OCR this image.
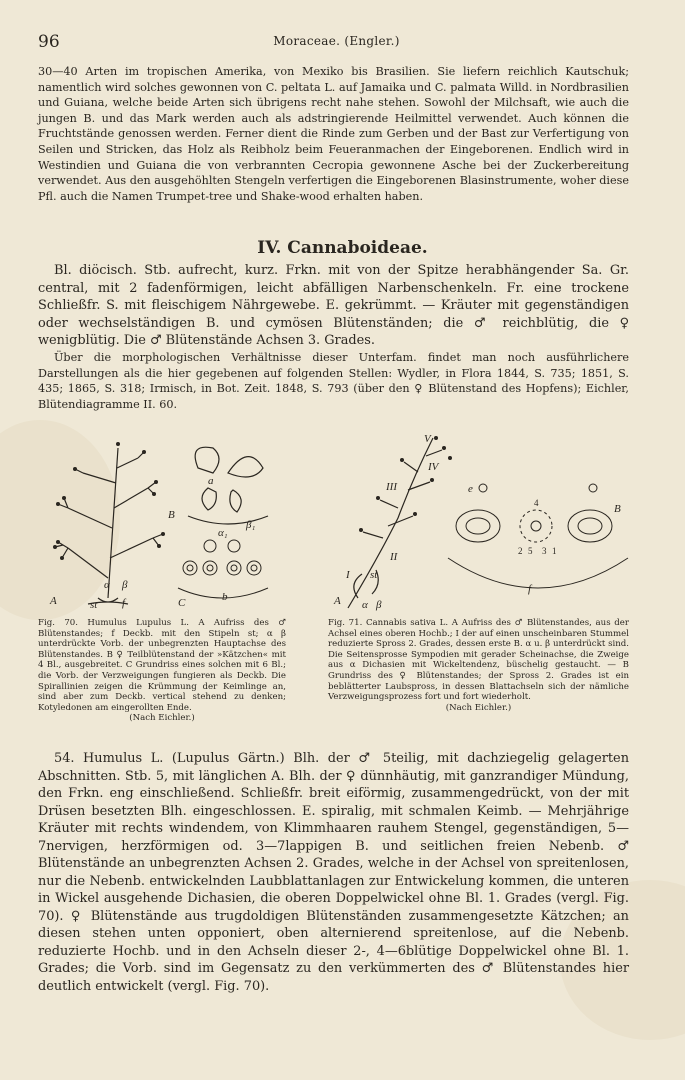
96	Moraceae. (Engler.)

30—40 Arten im tropischen Amerika, von Mexiko bis Brasilien. Sie liefern reichlich Kautschuk; namentlich wird solches gewonnen von C. peltata L. auf Jamaika und C. palmata Willd. in Nordbrasilien und Guiana, welche beide Arten sich übrigens recht nahe stehen. Sowohl der Milchsaft, wie auch die jungen B. und das Mark werden auch als adstringierende Heilmittel verwendet. Auch können die Fruchtstände genossen werden. Ferner dient die Rinde zum Gerben und der Bast zur Verfertigung von Seilen und Stricken, das Holz als Reibholz beim Feueranmachen der Eingeborenen. Endlich wird in Westindien und Guiana die von verbrannten Cecropia gewonnene Asche bei der Zuckerbereitung verwendet. Aus den ausgehöhlten Stengeln verfertigen die Eingeborenen Blasinstrumente, woher diese Pfl. auch die Namen Trumpet-tree und Shake-wood erhalten haben.

IV. Cannaboideae.

Bl. diöcisch. Stb. aufrecht, kurz. Frkn. mit von der Spitze herabhängender Sa. Gr. central, mit 2 fadenförmigen, leicht abfälligen Narbenschenkeln. Fr. eine trockene Schließfr. S. mit fleischigem Nährgewebe. E. gekrümmt. — Kräuter mit gegenständigen oder wechselständigen B. und cymösen Blütenständen; die ♂ reichblütig, die ♀ wenigblütig. Die ♂ Blütenstände Achsen 3. Grades.

Über die morphologischen Verhältnisse dieser Unterfam. findet man noch ausführlichere Darstellungen als die hier gegebenen auf folgenden Stellen: Wydler, in Flora 1844, S. 735; 1851, S. 435; 1865, S. 318; Irmisch, in Bot. Zeit. 1848, S. 793 (über den ♀ Blütenstand des Hopfens); Eichler, Blütendiagramme II. 60.

A	st
α β
f
B
a
β₁
α₁
C	b
Fig. 70. Humulus Lupulus L. A Aufriss des ♂ Blütenstandes; f Deckb. mit den Stipeln st; α β unterdrückte Vorb. der unbegrenzten Hauptachse des Blütenstandes. B ♀ Teilblütenstand der »Kätzchen« mit 4 Bl., ausgebreitet. C Grundriss eines solchen mit 6 Bl.; die Vorb. der Verzweigungen fungieren als Deckb. Die Spirallinien zeigen die Krümmung der Keimlinge an, sind aber zum Deckb. vertical stehend zu denken; Kotyledonen am eingerollten Ende.
(Nach Eichler.)
A
I st
II
III
IV
V
α β
e
B
f
2 5 3 1
4
Fig. 71. Cannabis sativa L. A Aufriss des ♂ Blütenstandes, aus der Achsel eines oberen Hochb.; I der auf einen unscheinbaren Stummel reduzierte Spross 2. Grades, dessen erste B. α u. β unterdrückt sind. Die Seitensprosse Sympodien mit gerader Scheinachse, die Zweige aus α Dichasien mit Wickeltendenz, büschelig gestaucht. — B Grundriss des ♀ Blütenstandes; der Spross 2. Grades ist ein beblätterter Laubspross, in dessen Blattachseln sich der nämliche Verzweigungsprozess fort und fort wiederholt.
(Nach Eichler.)

54. Humulus L. (Lupulus Gärtn.) Blh. der ♂ 5teilig, mit dachziegelig gelagerten Abschnitten. Stb. 5, mit länglichen A. Blh. der ♀ dünnhäutig, mit ganzrandiger Mündung, den Frkn. eng einschließend. Schließfr. breit eiförmig, zusammengedrückt, von der mit Drüsen besetzten Blh. eingeschlossen. E. spiralig, mit schmalen Keimb. — Mehrjährige Kräuter mit rechts windendem, von Klimmhaaren rauhem Stengel, gegenständigen, 5—7nervigen, herzförmigen od. 3—7lappigen B. und seitlichen freien Nebenb. ♂ Blütenstände an unbegrenzten Achsen 2. Grades, welche in der Achsel von spreitenlosen, nur die Nebenb. entwickelnden Laubblattanlagen zur Entwickelung kommen, die unteren in Wickel ausgehende Dichasien, die oberen Doppelwickel ohne Bl. 1. Grades (vergl. Fig. 70). ♀ Blütenstände aus trugdoldigen Blütenständen zusammengesetzte Kätzchen; an diesen stehen unten opponiert, oben alternierend spreitenlose, auf die Nebenb. reduzierte Hochb. und in den Achseln dieser 2-, 4—6blütige Doppelwickel ohne Bl. 1. Grades; die Vorb. sind im Gegensatz zu den verkümmerten des ♂ Blütenstandes hier deutlich entwickelt (vergl. Fig. 70).
